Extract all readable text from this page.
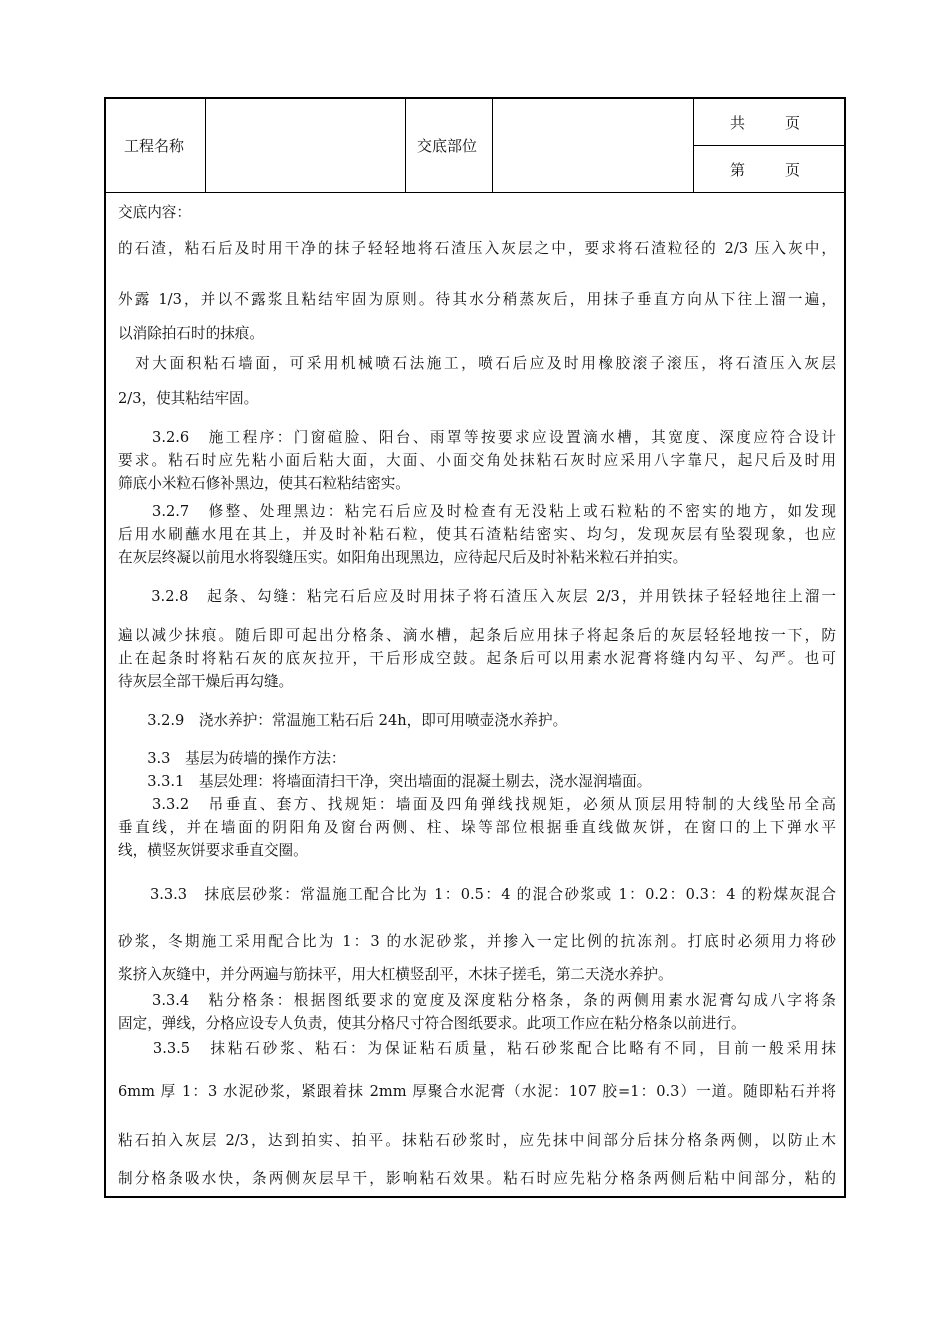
工程名称	交底部位
共	页
第	页
交底内容：
的石渣，粘石后及时用干净的抹子轻轻地将石渣压入灰层之中，要求将石渣粒径的 2/3 压入灰中，
外露 1/3，并以不露浆且粘结牢固为原则。待其水分稍蒸灰后，用抹子垂直方向从下往上溜一遍，
以消除拍石时的抹痕。
　对大面积粘石墙面，可采用机械喷石法施工，喷石后应及时用橡胶滚子滚压，将石渣压入灰层
2/3，使其粘结牢固。
　　3.2.6　施工程序：门窗碹脸、阳台、雨罩等按要求应设置滴水槽，其宽度、深度应符合设计
要求。粘石时应先粘小面后粘大面，大面、小面交角处抹粘石灰时应采用八字靠尺，起尺后及时用
筛底小米粒石修补黑边，使其石粒粘结密实。
　　3.2.7　修整、处理黑边：粘完石后应及时检查有无没粘上或石粒粘的不密实的地方，如发现
后用水刷蘸水甩在其上，并及时补粘石粒，使其石渣粘结密实、均匀，发现灰层有坠裂现象，也应
在灰层终凝以前甩水将裂缝压实。如阳角出现黑边，应待起尺后及时补粘米粒石并拍实。
　　3.2.8　起条、勾缝：粘完石后应及时用抹子将石渣压入灰层 2/3，并用铁抹子轻轻地往上溜一
遍以减少抹痕。随后即可起出分格条、滴水槽，起条后应用抹子将起条后的灰层轻轻地按一下，防
止在起条时将粘石灰的底灰拉开，干后形成空鼓。起条后可以用素水泥膏将缝内勾平、勾严。也可
待灰层全部干燥后再勾缝。
　　3.2.9　浇水养护：常温施工粘石后 24h，即可用喷壶浇水养护。
　　3.3　基层为砖墙的操作方法：
　　3.3.1　基层处理：将墙面清扫干净，突出墙面的混凝土剔去，浇水湿润墙面。
　　3.3.2　吊垂直、套方、找规矩：墙面及四角弹线找规矩，必须从顶层用特制的大线坠吊全高
垂直线，并在墙面的阴阳角及窗台两侧、柱、垛等部位根据垂直线做灰饼，在窗口的上下弹水平
线，横竖灰饼要求垂直交圈。
　　3.3.3　抹底层砂浆：常温施工配合比为 1：0.5：4 的混合砂浆或 1：0.2：0.3：4 的粉煤灰混合
砂浆，冬期施工采用配合比为 1：3 的水泥砂浆，并掺入一定比例的抗冻剂。打底时必须用力将砂
浆挤入灰缝中，并分两遍与筋抹平，用大杠横竖刮平，木抹子搓毛，第二天浇水养护。
　　3.3.4　粘分格条：根据图纸要求的宽度及深度粘分格条，条的两侧用素水泥膏勾成八字将条
固定，弹线，分格应设专人负责，使其分格尺寸符合图纸要求。此项工作应在粘分格条以前进行。
　　3.3.5　抹粘石砂浆、粘石：为保证粘石质量，粘石砂浆配合比略有不同，目前一般采用抹
6mm 厚 1：3 水泥砂浆，紧跟着抹 2mm 厚聚合水泥膏（水泥：107 胶=1：0.3）一道。随即粘石并将
粘石拍入灰层 2/3，达到拍实、拍平。抹粘石砂浆时，应先抹中间部分后抹分格条两侧，以防止木
制分格条吸水快，条两侧灰层早干，影响粘石效果。粘石时应先粘分格条两侧后粘中间部分，粘的
